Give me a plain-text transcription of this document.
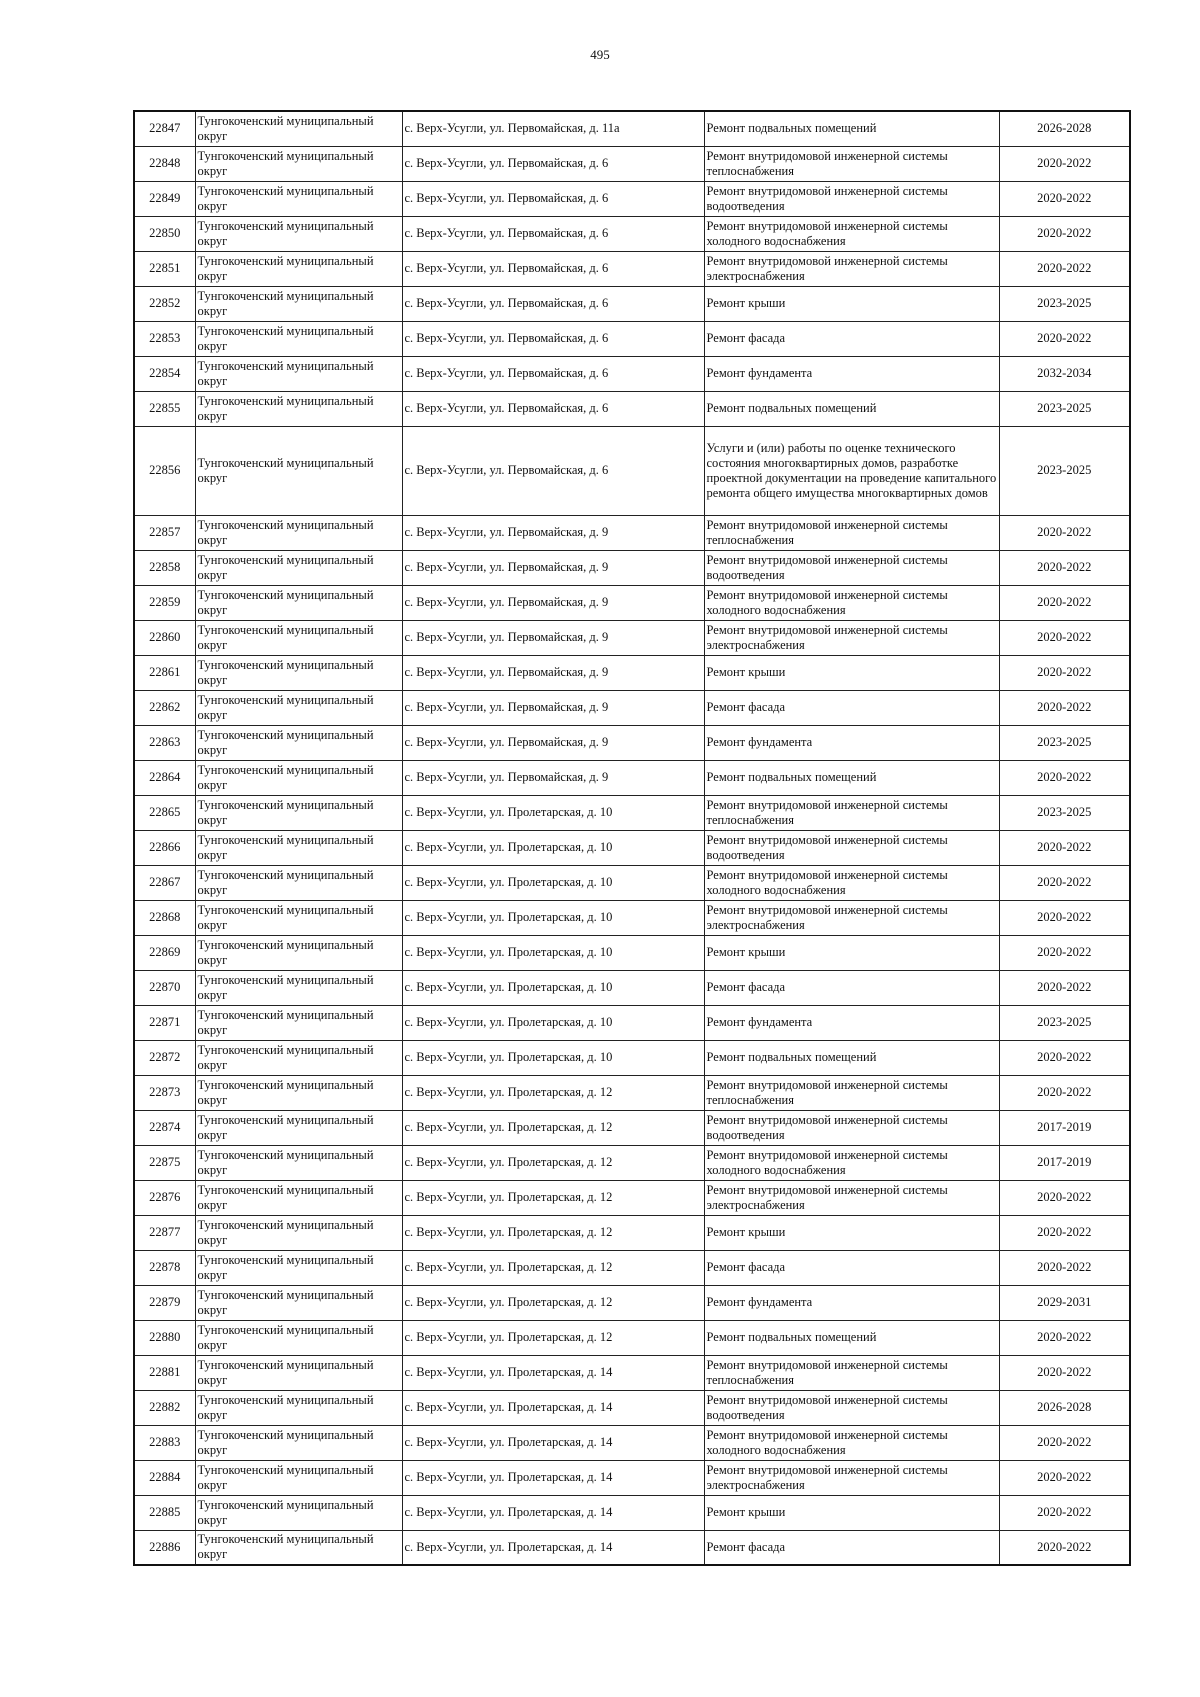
495
22847	Тунгокоченский муниципальный округ	с. Верх-Усугли, ул. Первомайская, д. 11а	Ремонт подвальных помещений	2026-2028
22848	Тунгокоченский муниципальный округ	с. Верх-Усугли, ул. Первомайская, д. 6	Ремонт внутридомовой инженерной системы теплоснабжения	2020-2022
22849	Тунгокоченский муниципальный округ	с. Верх-Усугли, ул. Первомайская, д. 6	Ремонт внутридомовой инженерной системы водоотведения	2020-2022
22850	Тунгокоченский муниципальный округ	с. Верх-Усугли, ул. Первомайская, д. 6	Ремонт внутридомовой инженерной системы холодного водоснабжения	2020-2022
22851	Тунгокоченский муниципальный округ	с. Верх-Усугли, ул. Первомайская, д. 6	Ремонт внутридомовой инженерной системы электроснабжения	2020-2022
22852	Тунгокоченский муниципальный округ	с. Верх-Усугли, ул. Первомайская, д. 6	Ремонт крыши	2023-2025
22853	Тунгокоченский муниципальный округ	с. Верх-Усугли, ул. Первомайская, д. 6	Ремонт фасада	2020-2022
22854	Тунгокоченский муниципальный округ	с. Верх-Усугли, ул. Первомайская, д. 6	Ремонт фундамента	2032-2034
22855	Тунгокоченский муниципальный округ	с. Верх-Усугли, ул. Первомайская, д. 6	Ремонт подвальных помещений	2023-2025
22856	Тунгокоченский муниципальный округ	с. Верх-Усугли, ул. Первомайская, д. 6	Услуги и (или) работы по оценке технического состояния многоквартирных домов, разработке проектной документации на проведение капитального ремонта общего имущества многоквартирных домов	2023-2025
22857	Тунгокоченский муниципальный округ	с. Верх-Усугли, ул. Первомайская, д. 9	Ремонт внутридомовой инженерной системы теплоснабжения	2020-2022
22858	Тунгокоченский муниципальный округ	с. Верх-Усугли, ул. Первомайская, д. 9	Ремонт внутридомовой инженерной системы водоотведения	2020-2022
22859	Тунгокоченский муниципальный округ	с. Верх-Усугли, ул. Первомайская, д. 9	Ремонт внутридомовой инженерной системы холодного водоснабжения	2020-2022
22860	Тунгокоченский муниципальный округ	с. Верх-Усугли, ул. Первомайская, д. 9	Ремонт внутридомовой инженерной системы электроснабжения	2020-2022
22861	Тунгокоченский муниципальный округ	с. Верх-Усугли, ул. Первомайская, д. 9	Ремонт крыши	2020-2022
22862	Тунгокоченский муниципальный округ	с. Верх-Усугли, ул. Первомайская, д. 9	Ремонт фасада	2020-2022
22863	Тунгокоченский муниципальный округ	с. Верх-Усугли, ул. Первомайская, д. 9	Ремонт фундамента	2023-2025
22864	Тунгокоченский муниципальный округ	с. Верх-Усугли, ул. Первомайская, д. 9	Ремонт подвальных помещений	2020-2022
22865	Тунгокоченский муниципальный округ	с. Верх-Усугли, ул. Пролетарская, д. 10	Ремонт внутридомовой инженерной системы теплоснабжения	2023-2025
22866	Тунгокоченский муниципальный округ	с. Верх-Усугли, ул. Пролетарская, д. 10	Ремонт внутридомовой инженерной системы водоотведения	2020-2022
22867	Тунгокоченский муниципальный округ	с. Верх-Усугли, ул. Пролетарская, д. 10	Ремонт внутридомовой инженерной системы холодного водоснабжения	2020-2022
22868	Тунгокоченский муниципальный округ	с. Верх-Усугли, ул. Пролетарская, д. 10	Ремонт внутридомовой инженерной системы электроснабжения	2020-2022
22869	Тунгокоченский муниципальный округ	с. Верх-Усугли, ул. Пролетарская, д. 10	Ремонт крыши	2020-2022
22870	Тунгокоченский муниципальный округ	с. Верх-Усугли, ул. Пролетарская, д. 10	Ремонт фасада	2020-2022
22871	Тунгокоченский муниципальный округ	с. Верх-Усугли, ул. Пролетарская, д. 10	Ремонт фундамента	2023-2025
22872	Тунгокоченский муниципальный округ	с. Верх-Усугли, ул. Пролетарская, д. 10	Ремонт подвальных помещений	2020-2022
22873	Тунгокоченский муниципальный округ	с. Верх-Усугли, ул. Пролетарская, д. 12	Ремонт внутридомовой инженерной системы теплоснабжения	2020-2022
22874	Тунгокоченский муниципальный округ	с. Верх-Усугли, ул. Пролетарская, д. 12	Ремонт внутридомовой инженерной системы водоотведения	2017-2019
22875	Тунгокоченский муниципальный округ	с. Верх-Усугли, ул. Пролетарская, д. 12	Ремонт внутридомовой инженерной системы холодного водоснабжения	2017-2019
22876	Тунгокоченский муниципальный округ	с. Верх-Усугли, ул. Пролетарская, д. 12	Ремонт внутридомовой инженерной системы электроснабжения	2020-2022
22877	Тунгокоченский муниципальный округ	с. Верх-Усугли, ул. Пролетарская, д. 12	Ремонт крыши	2020-2022
22878	Тунгокоченский муниципальный округ	с. Верх-Усугли, ул. Пролетарская, д. 12	Ремонт фасада	2020-2022
22879	Тунгокоченский муниципальный округ	с. Верх-Усугли, ул. Пролетарская, д. 12	Ремонт фундамента	2029-2031
22880	Тунгокоченский муниципальный округ	с. Верх-Усугли, ул. Пролетарская, д. 12	Ремонт подвальных помещений	2020-2022
22881	Тунгокоченский муниципальный округ	с. Верх-Усугли, ул. Пролетарская, д. 14	Ремонт внутридомовой инженерной системы теплоснабжения	2020-2022
22882	Тунгокоченский муниципальный округ	с. Верх-Усугли, ул. Пролетарская, д. 14	Ремонт внутридомовой инженерной системы водоотведения	2026-2028
22883	Тунгокоченский муниципальный округ	с. Верх-Усугли, ул. Пролетарская, д. 14	Ремонт внутридомовой инженерной системы холодного водоснабжения	2020-2022
22884	Тунгокоченский муниципальный округ	с. Верх-Усугли, ул. Пролетарская, д. 14	Ремонт внутридомовой инженерной системы электроснабжения	2020-2022
22885	Тунгокоченский муниципальный округ	с. Верх-Усугли, ул. Пролетарская, д. 14	Ремонт крыши	2020-2022
22886	Тунгокоченский муниципальный округ	с. Верх-Усугли, ул. Пролетарская, д. 14	Ремонт фасада	2020-2022
